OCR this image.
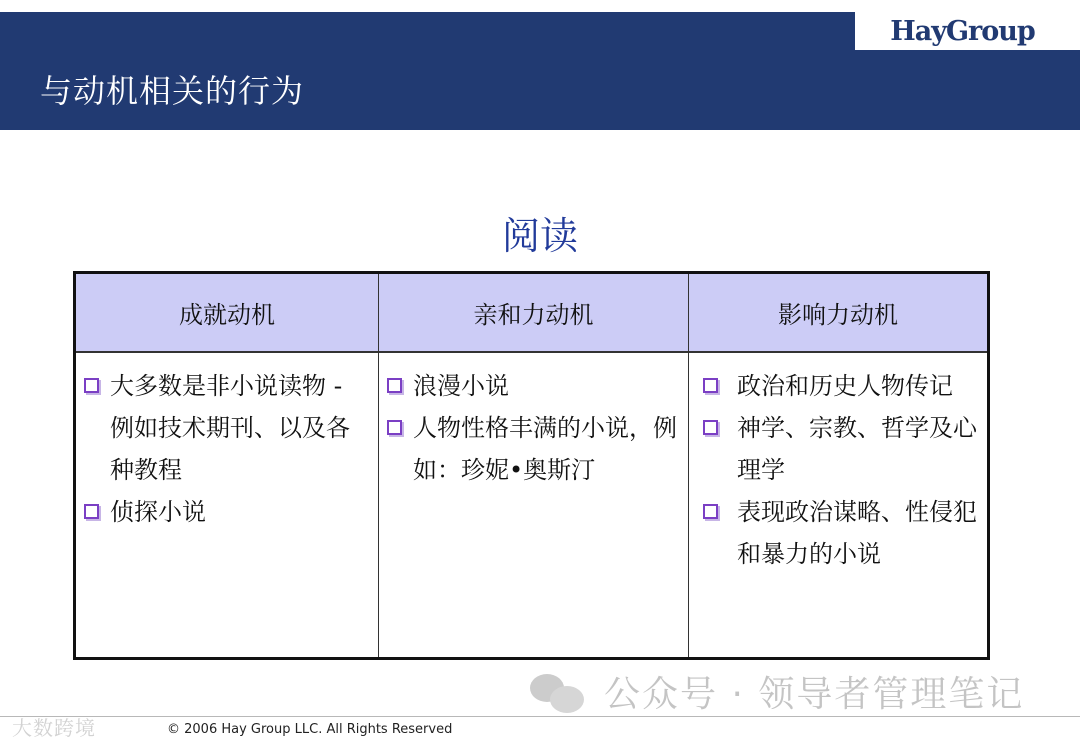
HayGroup
与动机相关的行为
阅读
成就动机
大多数是非小说读物 - 例如技术期刊、以及各种教程
侦探小说
亲和力动机
浪漫小说
人物性格丰满的小说，例如：珍妮•奥斯汀
影响力动机
政治和历史人物传记
神学、宗教、哲学及心理学
表现政治谋略、性侵犯和暴力的小说
公众号 · 领导者管理笔记
大数跨境	© 2006 Hay Group LLC. All Rights Reserved
